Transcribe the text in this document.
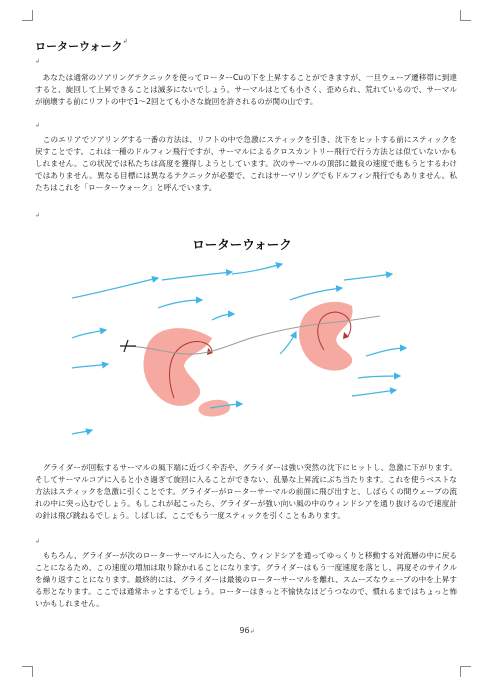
ローターウォーク ↲
↲

あなたは通常のソアリングテクニックを使ってローターCuの下を上昇することができますが、一旦ウェーブ遷移帯に到達すると、旋回して上昇できることは滅多にないでしょう。サーマルはとても小さく、歪められ、荒れているので、サーマルが崩壊する前にリフトの中で1～2回とても小さな旋回を許されるのが関の山です。

↲

このエリアでソアリングする一番の方法は、リフトの中で急激にスティックを引き、沈下をヒットする前にスティックを戻すことです。これは一種のドルフィン飛行ですが、サーマルによるクロスカントリー飛行で行う方法とは似ていないかもしれません。この状況では私たちは高度を獲得しようとしています。次のサーマルの頂部に最良の速度で進もうとするわけではありません。異なる目標には異なるテクニックが必要で、これはサーマリングでもドルフィン飛行でもありません。私たちはこれを「ローターウォーク」と呼んでいます。

↲
ローターウォーク

グライダーが回転するサーマルの風下端に近づくや否や、グライダーは強い突然の沈下にヒットし、急激に下がります。そしてサーマルコアに入ると小さ過ぎて旋回に入ることができない、乱暴な上昇流にぶち当たります。これを使うベストな方法はスティックを急激に引くことです。グライダーがローターサーマルの前面に飛び出すと、しばらくの間ウェーブの流れの中に突っ込むでしょう。もしこれが起こったら、グライダーが強い向い風の中のウィンドシアを通り抜けるので速度計の針は飛び跳ねるでしょう。しばしば、ここでもう一度スティックを引くこともあります。

↲

もちろん、グライダーが次のローターサーマルに入ったら、ウィンドシアを通ってゆっくりと移動する対流層の中に戻ることになるため、この速度の増加は取り除かれることになります。グライダーはもう一度速度を落とし、再度そのサイクルを繰り返すことになります。最終的には、グライダーは最後のローターサーマルを離れ、スムーズなウェーブの中を上昇する形となります。ここでは通常ホッとするでしょう。ローターはきっと不愉快なほどうつなので、慣れるまではちょっと怖いかもしれません。

96↲
